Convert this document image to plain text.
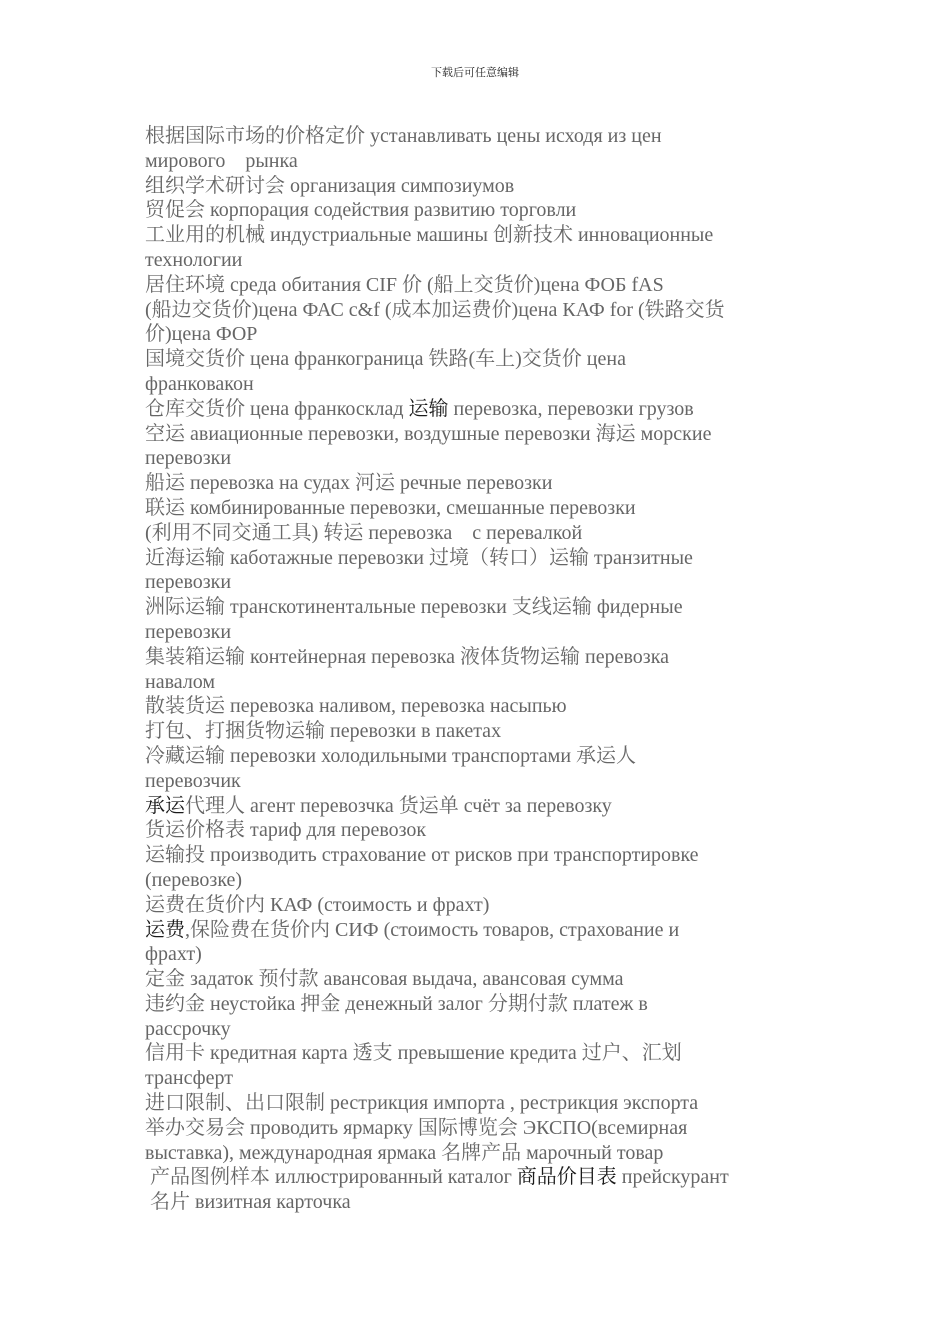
下载后可任意编辑
根据国际市场的价格定价 устанавливать цены исходя из цен
мирового    рынка
组织学术研讨会 организация симпозиумов
贸促会 корпорация содействия развитию торговли
工业用的机械 индустриальные машины 创新技术 инновационные
технологии
居住环境 среда обитания CIF 价 (船上交货价)цена ФОБ fAS
(船边交货价)цена ФАС c&f (成本加运费价)цена КАФ for (铁路交货
价)цена ФОР
国境交货价 цена франкограница 铁路(车上)交货价 цена
франковакон
仓库交货价 цена франкосклад 运输 перевозка, перевозки грузов
空运 авиационные перевозки, воздушные перевозки 海运 морские
перевозки
船运 перевозка на судах 河运 речные перевозки
联运 комбинированные перевозки, смешанные перевозки
(利用不同交通工具) 转运 перевозка    с перевалкой
近海运输 каботажные перевозки 过境（转口）运输 транзитные
перевозки
洲际运输 транскотинентальные перевозки 支线运输 фидерные
перевозки
集装箱运输 контейнерная перевозка 液体货物运输 перевозка
навалом
散装货运 перевозка наливом, перевозка насыпью
打包、打捆货物运输 перевозки в пакетах
冷藏运输 перевозки холодильными транспортами 承运人
перевозчик
承运代理人 агент перевозчка 货运单 счёт за перевозку
货运价格表 тариф для перевозок
运输投 производить страхование от рисков при транспортировке
(перевозке)
运费在货价内 КАФ (стоимость и фрахт)
运费,保险费在货价内 СИФ (стоимость товаров, страхование и
фрахт)
定金 задаток 预付款 авансовая выдача, авансовая сумма
违约金 неустойка 押金 денежный залог 分期付款 платеж в
рассрочку
信用卡 кредитная карта 透支 превышение кредита 过户、汇划
трансферт
进口限制、出口限制 рестрикция импорта , рестрикция экспорта
举办交易会 проводить ярмарку 国际博览会 ЭКСПО(всемирная
выставка), международная ярмака 名牌产品 марочный товар
产品图例样本 иллюстрированный каталог 商品价目表 прейскурант
名片 визитная карточка
